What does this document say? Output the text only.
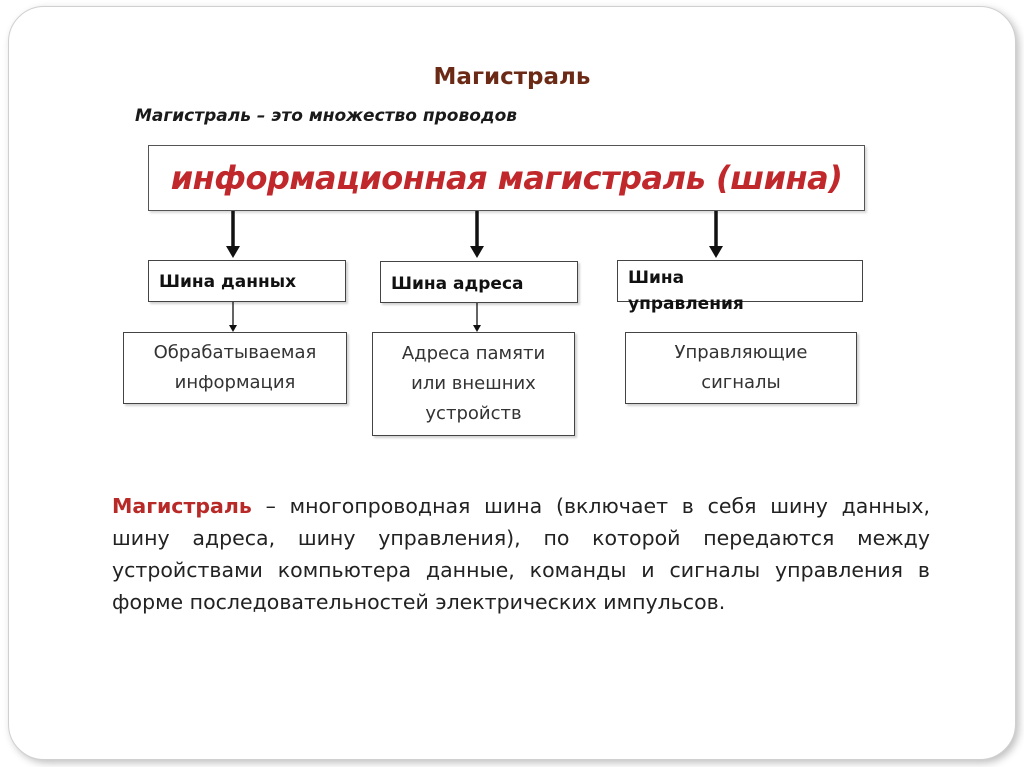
Магистраль
Магистраль – это множество проводов
информационная магистраль (шина)
Шина данных	Шина адреса	Шина
управления
Обрабатываемая информация
Адреса памяти или внешних устройств
Управляющие сигналы
Магистраль – многопроводная шина (включает в себя шину данных, шину адреса, шину управления), по которой передаются между устройствами компьютера данные, команды и сигналы управления в форме последовательностей электрических импульсов.
